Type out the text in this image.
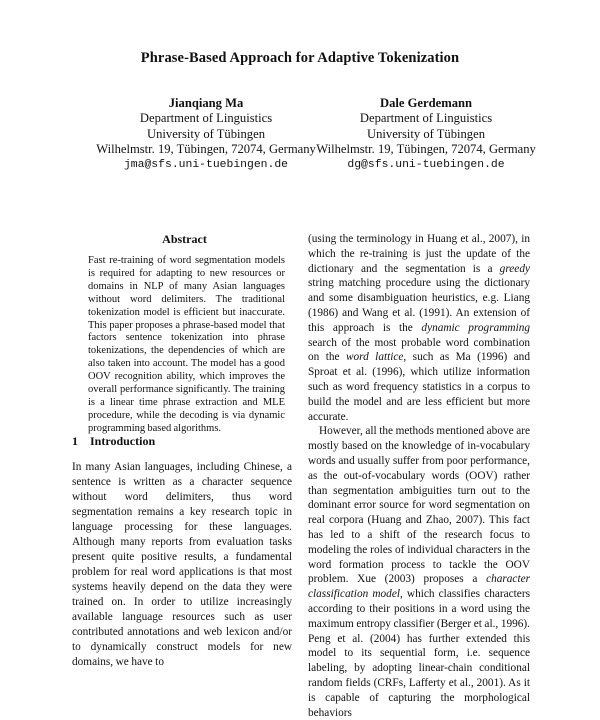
Phrase-Based Approach for Adaptive Tokenization
Jianqiang Ma
Department of Linguistics
University of Tübingen
Wilhelmstr. 19, Tübingen, 72074, Germany
jma@sfs.uni-tuebingen.de
Dale Gerdemann
Department of Linguistics
University of Tübingen
Wilhelmstr. 19, Tübingen, 72074, Germany
dg@sfs.uni-tuebingen.de
Abstract
Fast re-training of word segmentation models is required for adapting to new resources or domains in NLP of many Asian languages without word delimiters. The traditional tokenization model is efficient but inaccurate. This paper proposes a phrase-based model that factors sentence tokenization into phrase tokenizations, the dependencies of which are also taken into account. The model has a good OOV recognition ability, which improves the overall performance significantly. The training is a linear time phrase extraction and MLE procedure, while the decoding is via dynamic programming based algorithms.
1 Introduction

In many Asian languages, including Chinese, a sentence is written as a character sequence without word delimiters, thus word segmentation remains a key research topic in language processing for these languages. Although many reports from evaluation tasks present quite positive results, a fundamental problem for real word applications is that most systems heavily depend on the data they were trained on. In order to utilize increasingly available language resources such as user contributed annotations and web lexicon and/or to dynamically construct models for new domains, we have to

(using the terminology in Huang et al., 2007), in which the re-training is just the update of the dictionary and the segmentation is a greedy string matching procedure using the dictionary and some disambiguation heuristics, e.g. Liang (1986) and Wang et al. (1991). An extension of this approach is the dynamic programming search of the most probable word combination on the word lattice, such as Ma (1996) and Sproat et al. (1996), which utilize information such as word frequency statistics in a corpus to build the model and are less efficient but more accurate.

However, all the methods mentioned above are mostly based on the knowledge of in-vocabulary words and usually suffer from poor performance, as the out-of-vocabulary words (OOV) rather than segmentation ambiguities turn out to the dominant error source for word segmentation on real corpora (Huang and Zhao, 2007). This fact has led to a shift of the research focus to modeling the roles of individual characters in the word formation process to tackle the OOV problem. Xue (2003) proposes a character classification model, which classifies characters according to their positions in a word using the maximum entropy classifier (Berger et al., 1996). Peng et al. (2004) has further extended this model to its sequential form, i.e. sequence labeling, by adopting linear-chain conditional random fields (CRFs, Lafferty et al., 2001). As it is capable of capturing the morphological behaviors
